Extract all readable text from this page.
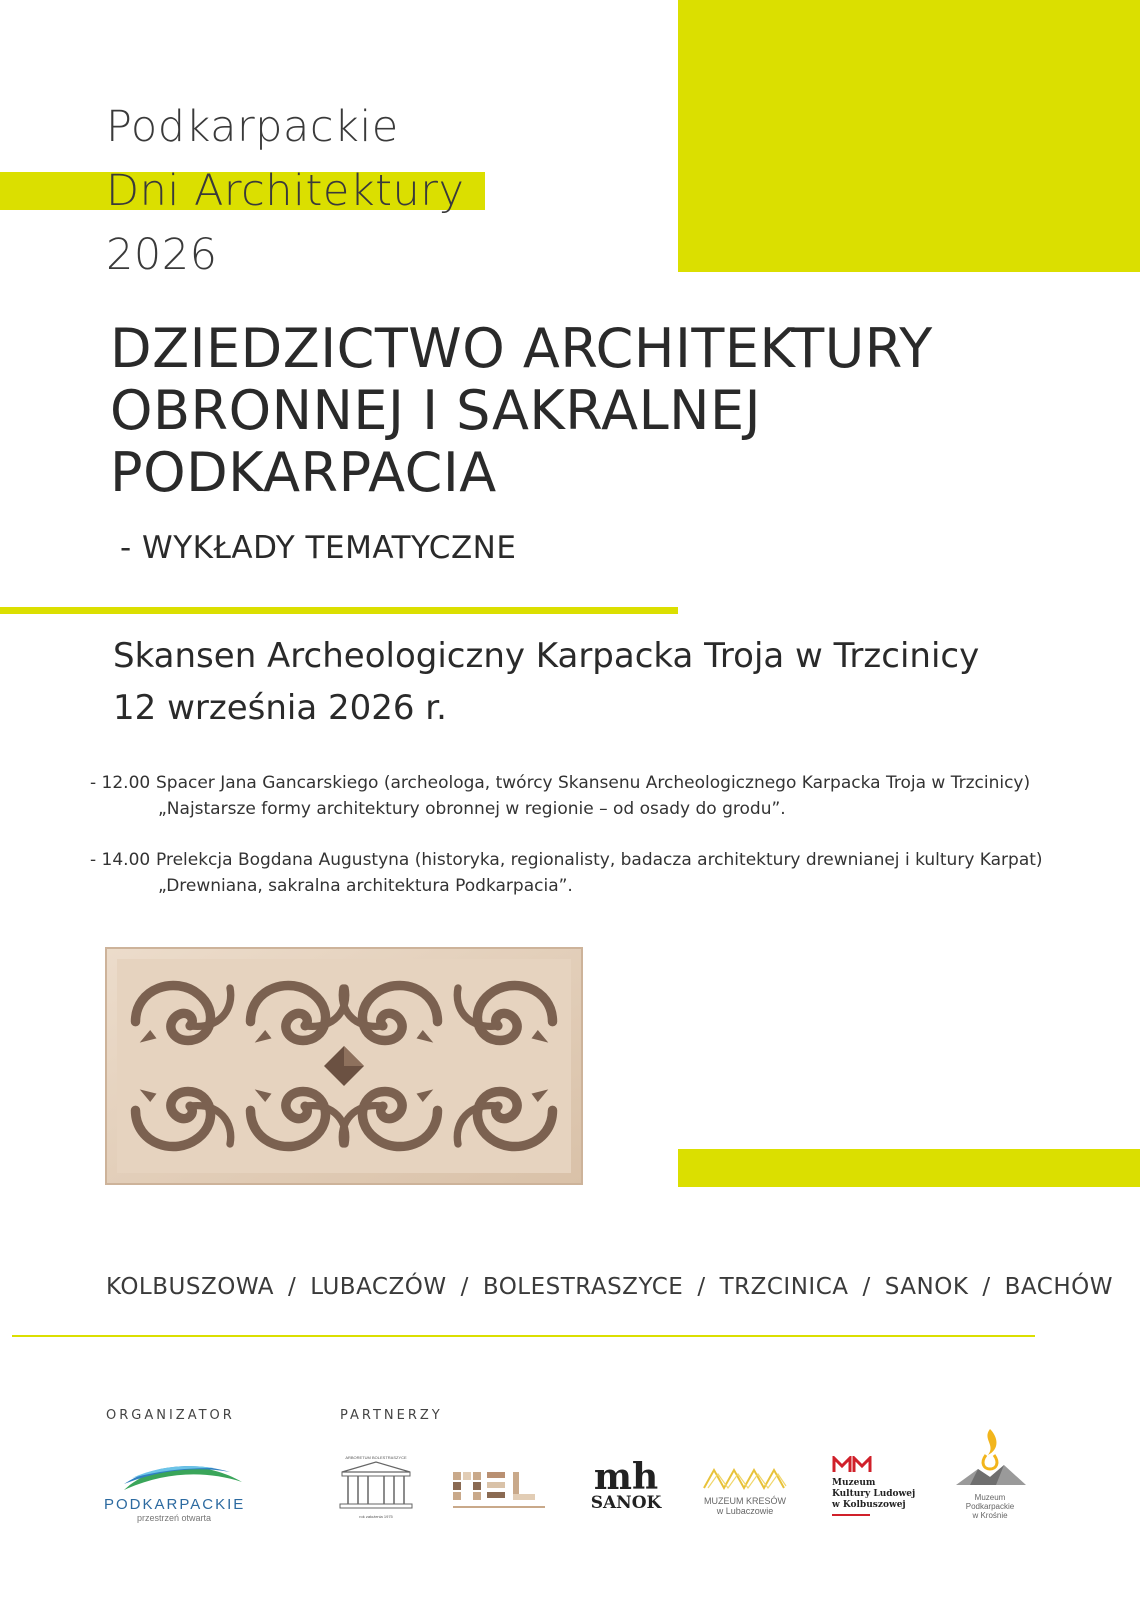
Podkarpackie
Dni Architektury
2026
DZIEDZICTWO ARCHITEKTURY
OBRONNEJ I SAKRALNEJ
PODKARPACIA
- WYKŁADY TEMATYCZNE
Skansen Archeologiczny Karpacka Troja w Trzcinicy
12 września 2026 r.
- 12.00 Spacer Jana Gancarskiego (archeologa, twórcy Skansenu Archeologicznego Karpacka Troja w Trzcinicy)
„Najstarsze formy architektury obronnej w regionie – od osady do grodu”.
- 14.00 Prelekcja Bogdana Augustyna (historyka, regionalisty, badacza architektury drewnianej i kultury Karpat)
„Drewniana, sakralna architektura Podkarpacia”.
KOLBUSZOWA / LUBACZÓW / BOLESTRASZYCE / TRZCINICA / SANOK / BACHÓW
ORGANIZATOR	PARTNERZY
PODKARPACKIE
przestrzeń otwarta
ARBORETUM BOLESTRASZYCE
rok założenia 1975
mh
SANOK	MUZEUM KRESÓW
w Lubaczowie
Muzeum
Kultury Ludowej
w Kolbuszowej
Muzeum Podkarpackie
w Krośnie
